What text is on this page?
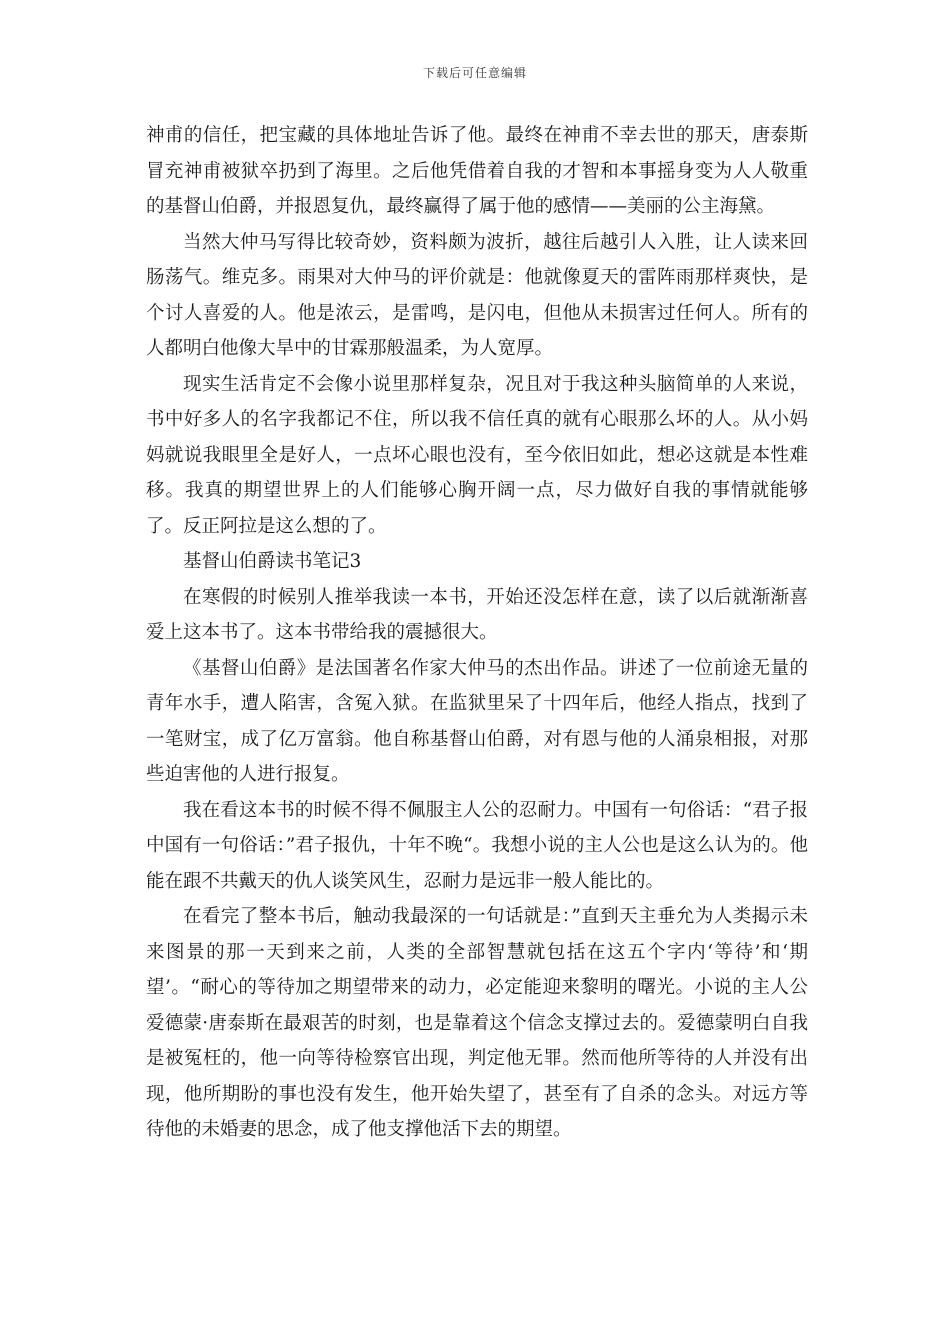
下载后可任意编辑

神甫的信任，把宝藏的具体地址告诉了他。最终在神甫不幸去世的那天，唐泰斯冒充神甫被狱卒扔到了海里。之后他凭借着自我的才智和本事摇身变为人人敬重的基督山伯爵，并报恩复仇，最终赢得了属于他的感情——美丽的公主海黛。

当然大仲马写得比较奇妙，资料颇为波折，越往后越引人入胜，让人读来回肠荡气。维克多。雨果对大仲马的评价就是：他就像夏天的雷阵雨那样爽快，是个讨人喜爱的人。他是浓云，是雷鸣，是闪电，但他从未损害过任何人。所有的人都明白他像大旱中的甘霖那般温柔，为人宽厚。

现实生活肯定不会像小说里那样复杂，况且对于我这种头脑简单的人来说，书中好多人的名字我都记不住，所以我不信任真的就有心眼那么坏的人。从小妈妈就说我眼里全是好人，一点坏心眼也没有，至今依旧如此，想必这就是本性难移。我真的期望世界上的人们能够心胸开阔一点，尽力做好自我的事情就能够了。反正阿拉是这么想的了。

基督山伯爵读书笔记3

在寒假的时候别人推举我读一本书，开始还没怎样在意，读了以后就渐渐喜爱上这本书了。这本书带给我的震撼很大。

《基督山伯爵》是法国著名作家大仲马的杰出作品。讲述了一位前途无量的青年水手，遭人陷害，含冤入狱。在监狱里呆了十四年后，他经人指点，找到了一笔财宝，成了亿万富翁。他自称基督山伯爵，对有恩与他的人涌泉相报，对那些迫害他的人进行报复。

我在看这本书的时候不得不佩服主人公的忍耐力。中国有一句俗话：“君子报中国有一句俗话：”君子报仇，十年不晚“。我想小说的主人公也是这么认为的。他能在跟不共戴天的仇人谈笑风生，忍耐力是远非一般人能比的。

在看完了整本书后，触动我最深的一句话就是：”直到天主垂允为人类揭示未来图景的那一天到来之前，人类的全部智慧就包括在这五个字内‘等待’和‘期望’。“耐心的等待加之期望带来的动力，必定能迎来黎明的曙光。小说的主人公爱德蒙·唐泰斯在最艰苦的时刻，也是靠着这个信念支撑过去的。爱德蒙明白自我是被冤枉的，他一向等待检察官出现，判定他无罪。然而他所等待的人并没有出现，他所期盼的事也没有发生，他开始失望了，甚至有了自杀的念头。对远方等待他的未婚妻的思念，成了他支撑他活下去的期望。
